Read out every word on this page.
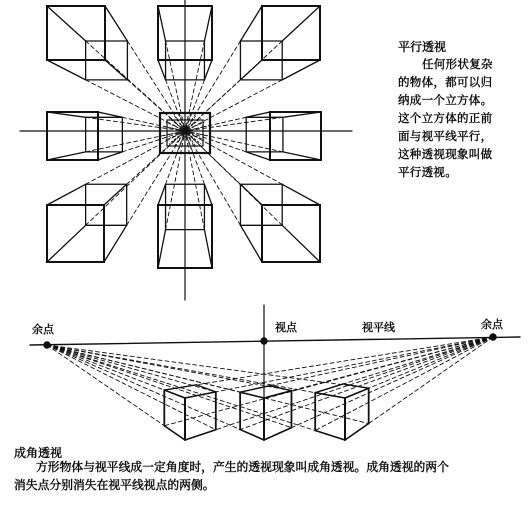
平行透视
任何形状复杂
的物体，都可以归
纳成一个立方体。
这个立方体的正前
面与视平线平行，
这种透视现象叫做
平行透视。
余点	视点	视平线	余点
成角透视
方形物体与视平线成一定角度时，产生的透视现象叫成角透视。成角透视的两个
消失点分别消失在视平线视点的两侧。
